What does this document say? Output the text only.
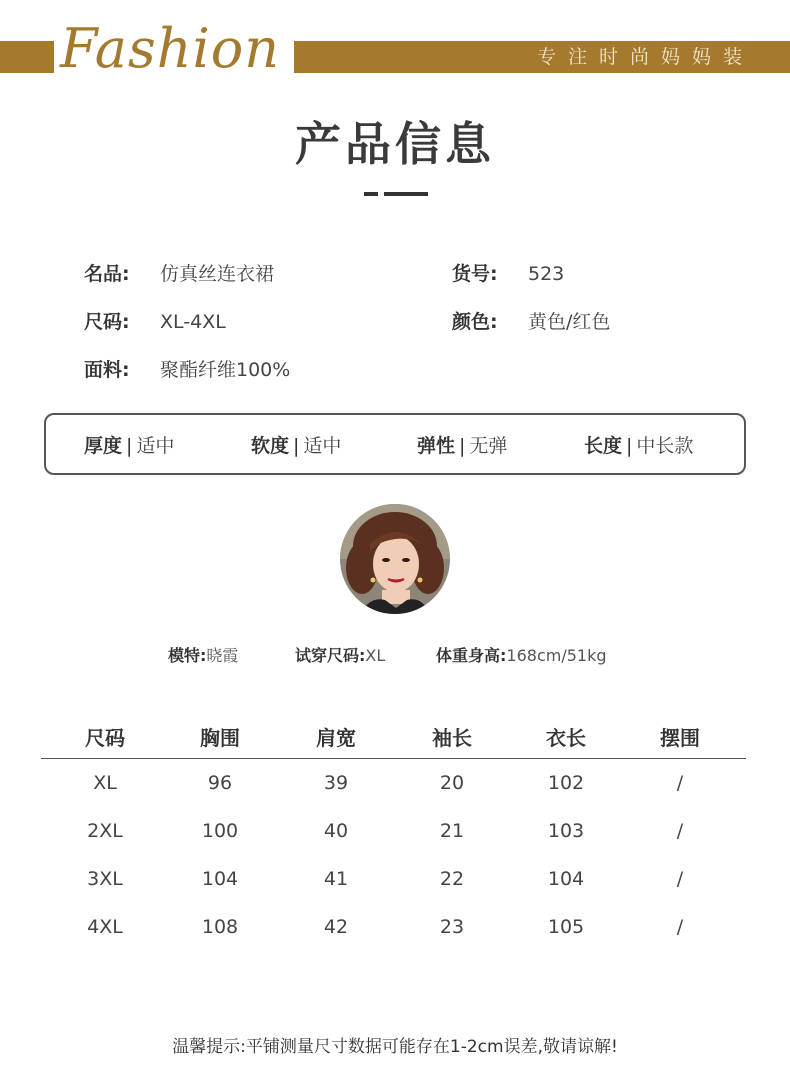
Fashion	专注时尚妈妈装
产品信息
名品: 仿真丝连衣裙	货号: 523
尺码: XL-4XL	颜色: 黄色/红色
面料: 聚酯纤维100%
厚度 | 适中	软度 | 适中	弹性 | 无弹	长度 | 中长款
模特:晓霞	试穿尺码:XL	体重身高:168cm/51kg
尺码	胸围	肩宽	袖长	衣长	摆围
XL	96	39	20	102	/
2XL	100	40	21	103	/
3XL	104	41	22	104	/
4XL	108	42	23	105	/
温馨提示:平铺测量尺寸数据可能存在1-2cm误差,敬请谅解!
